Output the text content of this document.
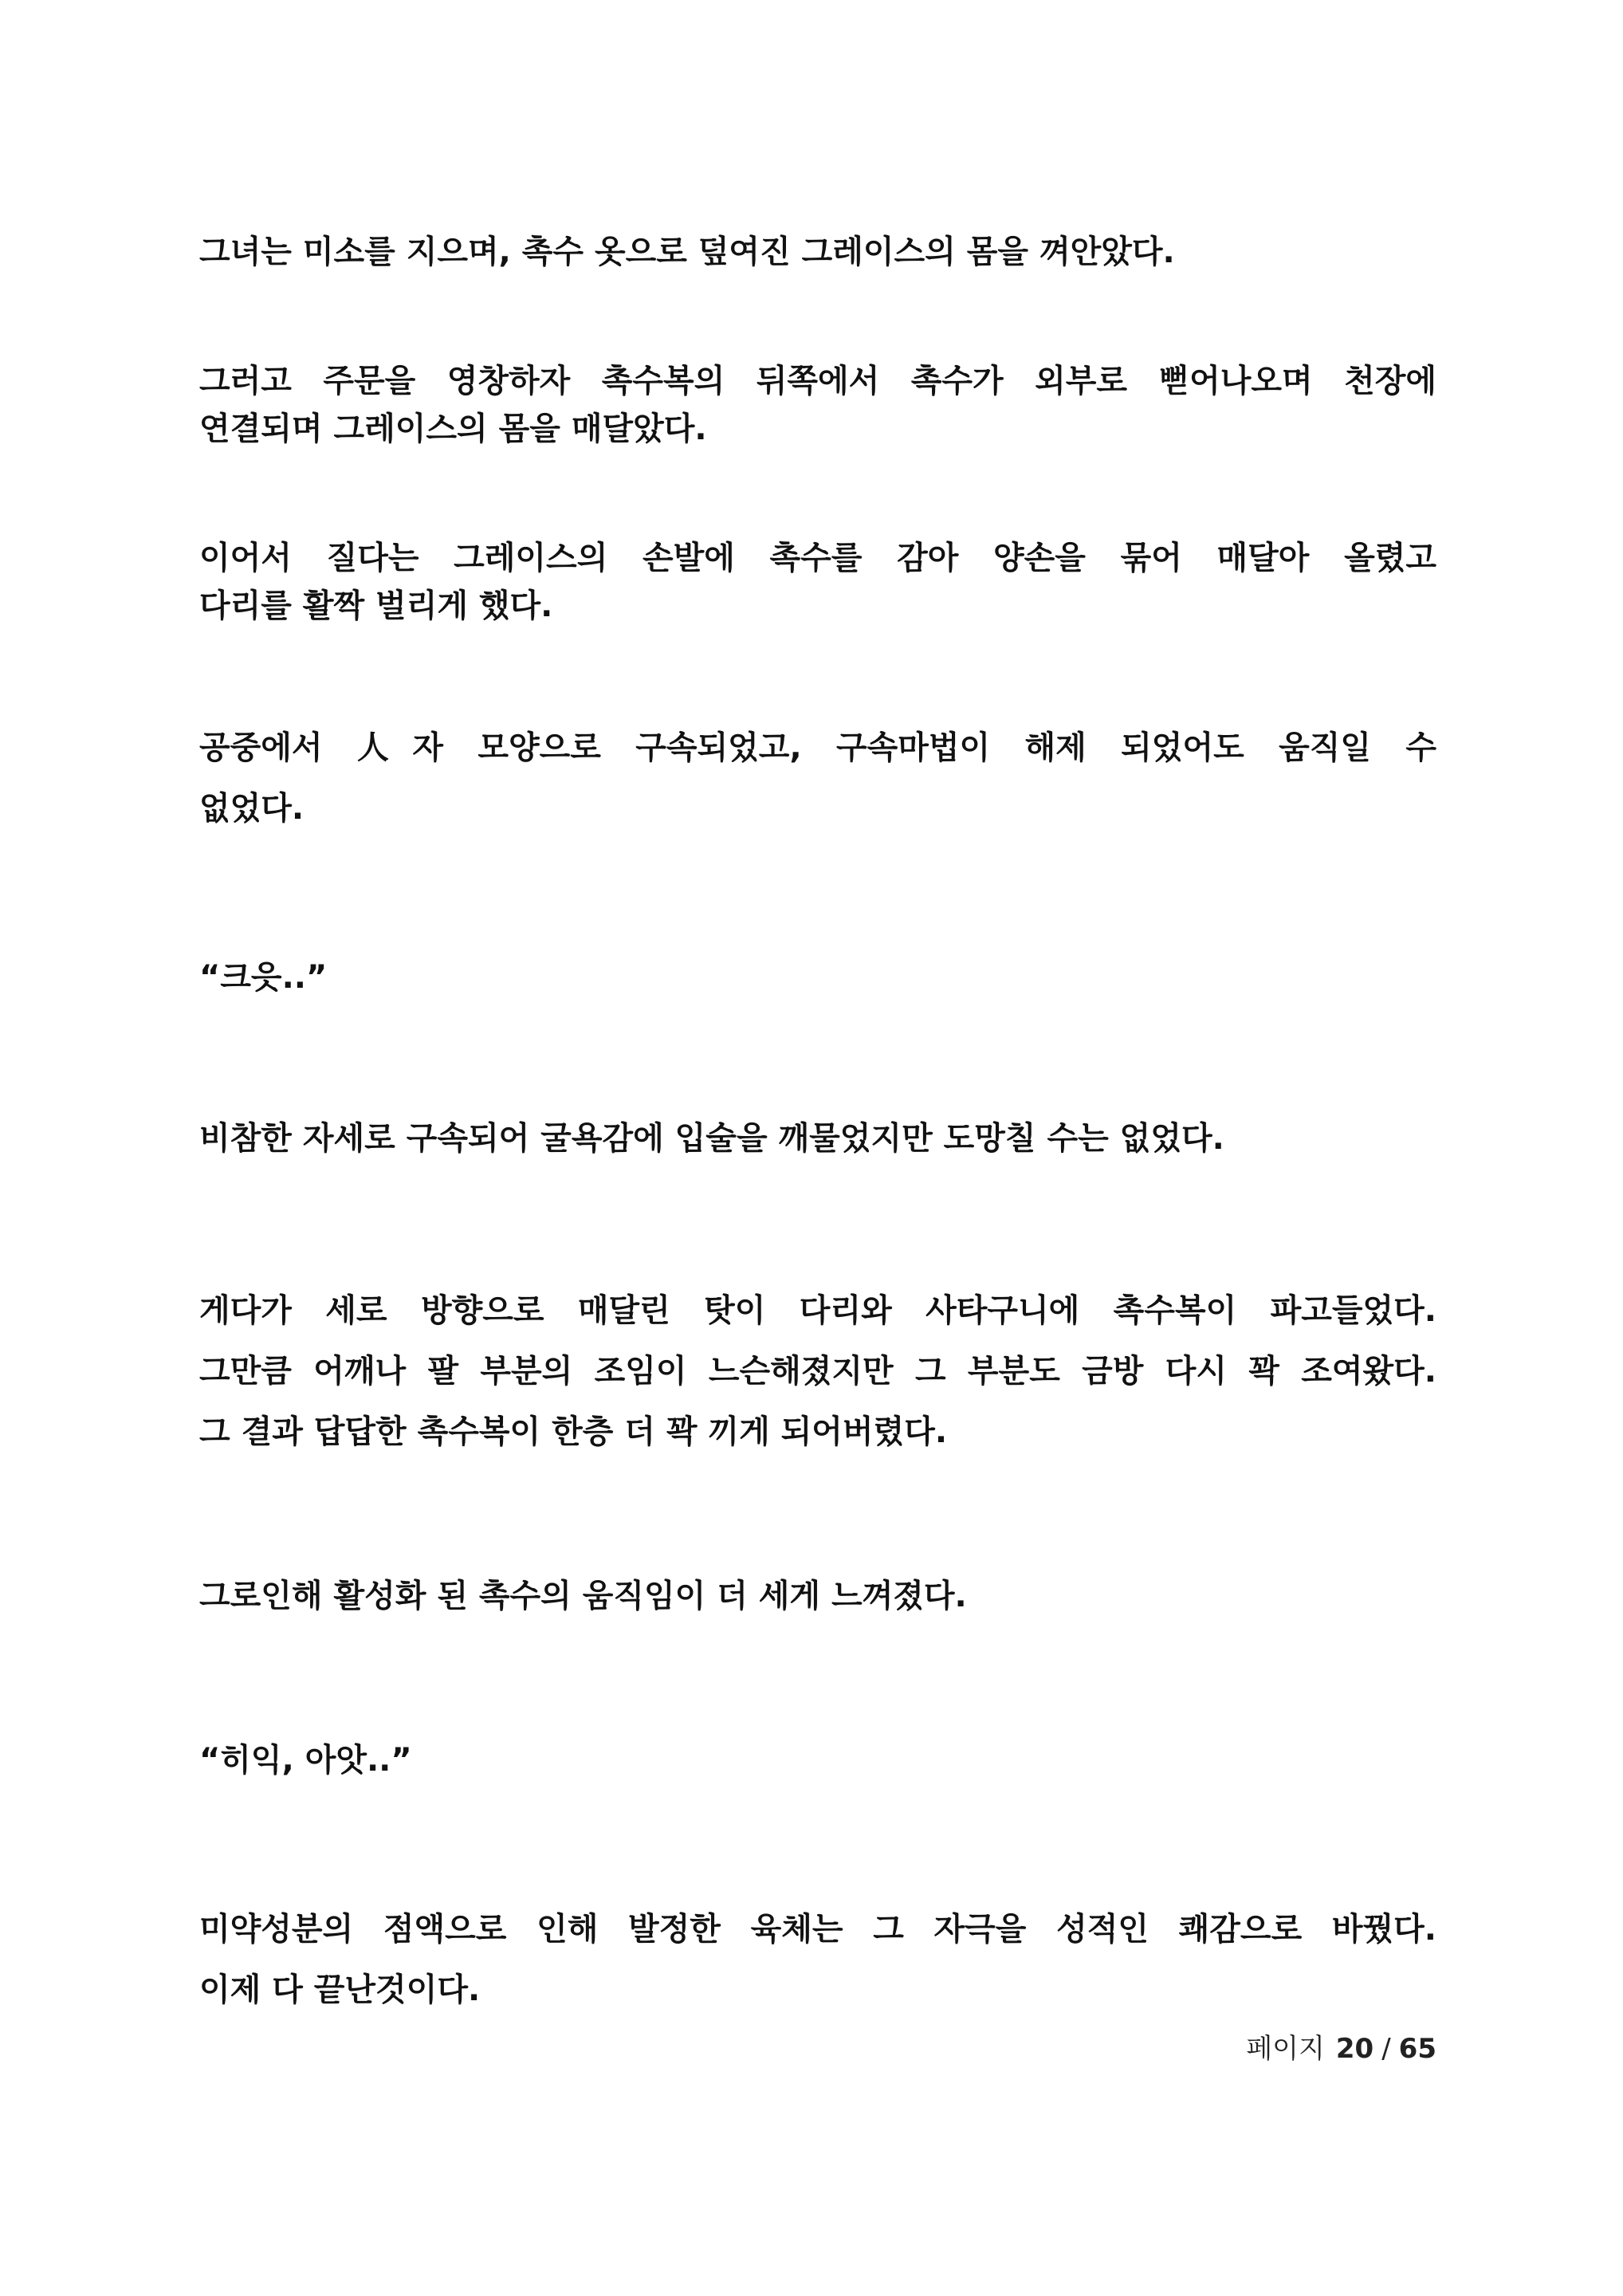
그녀는 미소를 지으며, 촉수 옷으로 덮여진 그레이스의 몸을 껴안았다.
그러고 주문을 영창하자 촉수복의 뒤쪽에서 촉수가 외부로 뻗어나오며 천장에
연결되며 그레이스의 몸을 매달았다.
이어서 질다는 그레이스의 손발에 촉수를 감아 양손을 묶어 매달아 올렸고
다리를 활짝 벌리게 했다.
공중에서 人자 모양으로 구속되었고, 구속마법이 해제 되었어도 움직일 수
없었다.
“크읏..”
비참한 자세로 구속되어 굴욕감에 입술을 깨물었지만 도망칠 수는 없었다.
게다가 세로 방향으로 매달린 탓이 다리와 사타구니에 촉수복이 파고들었다.
그만큼 어깨나 팔 부분의 조임이 느슨해졌지만 그 부분도 금방 다시 꽉 조여왔다.
그 결과 답답한 촉수복이 한층 더 꽉 끼게 되어버렸다.
그로인해 활성화 된 촉수의 움직임이 더 세게 느껴졌다.
“히익, 아앗..”
미약성분의 점액으로 인해 발정한 육체는 그 자극을 성적인 쾌감으로 바꿨다.
이제 다 끝난것이다.
페이지 20 / 65
